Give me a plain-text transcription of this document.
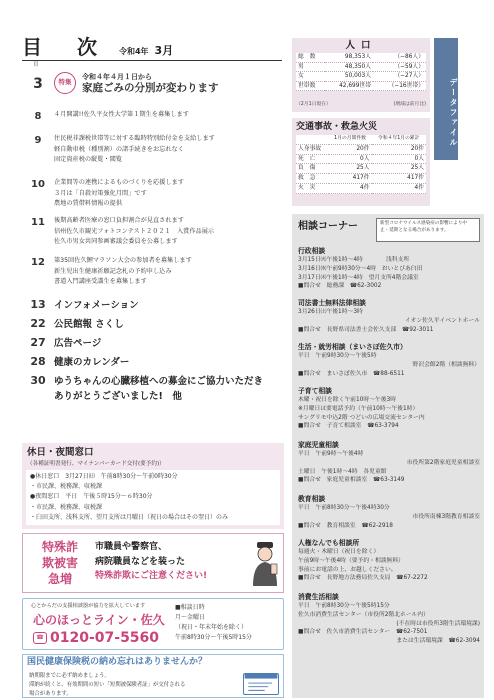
目 次 令和4年 3月
頁
3	特集
令和４年４月１日から
家庭ごみの分別が変わります
8	４月開講!!佐久平女性大学第１期生を募集します
9	住民税非課税世帯等に対する臨時特別給付金を支給します
軽自動車税（種別割）の諸手続きをお忘れなく
固定資産税の縦覧・閲覧
10	企業間等の連携によるものづくりを応援します
３月は「自殺対策強化月間」です
農地の賃借料情報の提供
11	後期高齢者医療の窓口負担割合が見直されます
信州佐久市観光フォトコンテスト２０２１　入賞作品展示
佐久市男女共同参画審議会委員を公募します
12	第35回佐久鯉マラソン大会の参加者を募集します
新生児出生健康祈願記念札の予約申し込み
書道入門講座受講生を募集します
13 インフォメーション
22 公民館報 さくし
27 広告ページ
28 健康のカレンダー
30 ゆうちゃんの心臓移植への募金にご協力いただき
ありがとうございました!　他
休日・夜間窓口
（各種証明書発行、マイナンバーカード交付(要予約)）
●休日窓口　3月27日㈰　午前8時30分〜午前0時30分
・市民課、税務課、収税課
●夜間窓口　平日　午後５時15分〜６時30分
・市民課、税務課、収税課
・臼田支所、浅科支所、望月支所は月曜日（祝日の場合はその翌日）のみ
特殊詐欺被害急増
市職員や警察官、
病院職員などを装った
特殊詐欺にご注意ください!
心とからだの支援相談器が協力を拡大しています
心のほっとライン・佐久
☎ 0120-07-5560
■相談日時
月〜金曜日
（祝日・年末年始を除く）
午前8時30分〜午後5時15分
国民健康保険税の納め忘れはありませんか？
納期限までに必ず納めましょう。
滞納が続くと、有効期間の短い「短期被保険者証」が交付される
場合があります。
人口
総　数	98,353人	（−86人）
男	48,350人	（−59人）
女	50,003人	（−27人）
世帯数	42,699世帯	（−16世帯）
（2月1日現在）	(増減は前月比)	データファイル
交通事故・救急火災
	1月の月間件数	令和４年1月の累計
人身事故	20件	20件
死　亡	0人	0人
負　傷	25人	25人
救　急	417件	417件
火　災	4件	4件
相談コーナー	新型コロナウイルス感染症の影響により中止・延期となる場合があります。
行政相談
3月15日㈫午後1時〜4時　　　　浅科支所
3月16日㈬午前9時30分〜4時　おいとぴあ臼田
3月17日㈭午後1時〜4時　望月支所4階会議室
■問合せ　総務課　☎62-3002
司法書士無料法律相談
3月26日㈯午後1時〜3時
イオン佐久平イベントホール
■問合せ　長野県司法書士会佐久支部　☎92-3011
生活・就労相談（まいさぽ佐久市）
平日　午前9時30分〜午後5時
野沢会館2階（相談無料）
■問合せ　まいさぽ佐久市　☎88-6511
子育て相談
木曜・祝日を除く午前10時〜午後3時
※月曜日は要電話予約（午前10時〜午後1時）
サングリモ中込2階 つどいの広場交流センター内
■問合せ　子育て相談室　☎63-3794
家庭児童相談
平日　午前9時〜午後4時
市役所第2階家庭児童相談室
土曜日　午後1時〜4時　各児童館
■問合せ　家庭児童相談室　☎63-3149
教育相談
平日　午前8時30分〜午後4時30分
市役所南棟3階教育相談室
■問合せ　教育相談室　☎62-2918
人権なんでも相談所
毎週火・木曜日（祝日を除く）
午前9時〜午後4時（要予約・相談無料）
事前にお電話の上、お越しください。
■問合せ　長野地方法務局佐久支局　☎67-2272
消費生活相談
平日　午前8時30分〜午後5時15分
佐久市消費生活センター（市役所2階北ホール内）
(不在時は市役所3階生活環境課)
■問合せ　佐久市消費生活センター　☎62-7501
または生活環境課　☎62-3094
